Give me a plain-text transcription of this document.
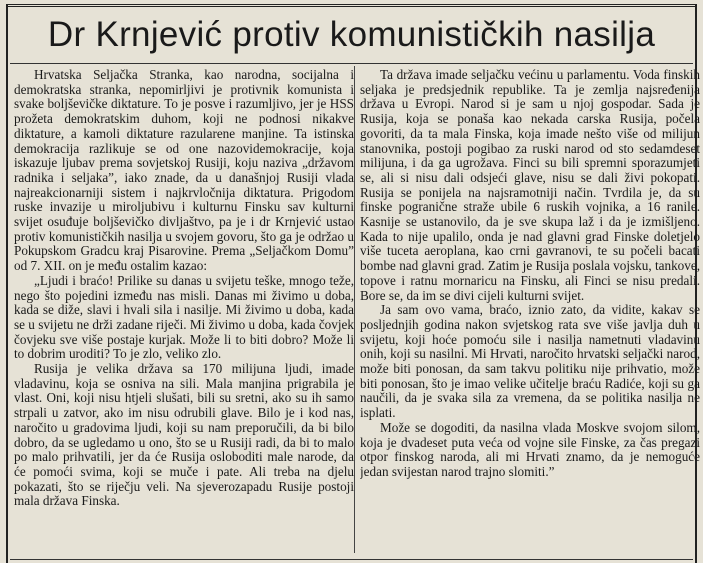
Dr Krnjević protiv komunističkih nasilja

Hrvatska Seljačka Stranka, kao narodna, socijalna i demokratska stranka, nepomirljivi je protivnik komunista i svake boljševičke diktature. To je posve i razumljivo, jer je HSS prožeta demokratskim duhom, koji ne podnosi nikakve diktature, a kamoli diktature razularene manjine. Ta istinska demokracija razlikuje se od one nazovidemokracije, koja iskazuje ljubav prema sovjetskoj Rusiji, koju naziva „državom radnika i seljaka”, iako znade, da u današnjoj Rusiji vlada najreakcionarniji sistem i najkrvločnija diktatura. Prigodom ruske invazije u miroljubivu i kulturnu Finsku sav kulturni svijet osuđuje boljševičko divljaštvo, pa je i dr Krnjević ustao protiv komunističkih nasilja u svojem govoru, što ga je održao u Pokupskom Gradcu kraj Pisarovine. Prema „Seljačkom Domu” od 7. XII. on je među ostalim kazao:

„Ljudi i braćo! Prilike su danas u svijetu teške, mnogo teže, nego što pojedini između nas misli. Danas mi živimo u doba, kada se diže, slavi i hvali sila i nasilje. Mi živimo u doba, kada se u svijetu ne drži zadane riječi. Mi živimo u doba, kada čovjek čovjeku sve više postaje kurjak. Može li to biti dobro? Može li to dobrim uroditi? To je zlo, veliko zlo.

Rusija je velika država sa 170 milijuna ljudi, imade vladavinu, koja se osniva na sili. Mala manjina prigrabila je vlast. Oni, koji nisu htjeli slušati, bili su sretni, ako su ih samo strpali u zatvor, ako im nisu odrubili glave. Bilo je i kod nas, naročito u gradovima ljudi, koji su nam preporučili, da bi bilo dobro, da se ugledamo u ono, što se u Rusiji radi, da bi to malo po malo prihvatili, jer da će Rusija osloboditi male narode, da će pomoći svima, koji se muče i pate. Ali treba na djelu pokazati, što se riječju veli. Na sjeverozapadu Rusije postoji mala država Finska.

Ta država imade seljačku većinu u parlamentu. Voda finskih seljaka je predsjednik republike. Ta je zemlja najsređenija država u Evropi. Narod si je sam u njoj gospodar. Sada je Rusija, koja se ponaša kao nekada carska Rusija, počela govoriti, da ta mala Finska, koja imade nešto više od milijun stanovnika, postoji pogibao za ruski narod od sto sedamdeset milijuna, i da ga ugrožava. Finci su bili spremni sporazumjeti se, ali si nisu dali odsjeći glave, nisu se dali živi pokopati. Rusija se ponijela na najsramotniji način. Tvrdila je, da su finske pogranične straže ubile 6 ruskih vojnika, a 16 ranile. Kasnije se ustanovilo, da je sve skupa laž i da je izmišljeno. Kada to nije upalilo, onda je nad glavni grad Finske doletjelo više tuceta aeroplana, kao crni gavranovi, te su počeli bacati bombe nad glavni grad. Zatim je Rusija poslala vojsku, tankove, topove i ratnu mornaricu na Finsku, ali Finci se nisu predali. Bore se, da im se divi cijeli kulturni svijet.

Ja sam ovo vama, braćo, iznio zato, da vidite, kakav se posljednjih godina nakon svjetskog rata sve više javlja duh u svijetu, koji hoće pomoću sile i nasilja nametnuti vladavinu onih, koji su nasilni. Mi Hrvati, naročito hrvatski seljački narod, može biti ponosan, da sam takvu politiku nije prihvatio, može biti ponosan, što je imao velike učitelje braću Radiće, koji su ga naučili, da je svaka sila za vremena, da se politika nasilja ne isplati.

Može se dogoditi, da nasilna vlada Moskve svojom silom, koja je dvadeset puta veća od vojne sile Finske, za čas pregazi otpor finskog naroda, ali mi Hrvati znamo, da je nemoguće jedan svijestan narod trajno slomiti.”
